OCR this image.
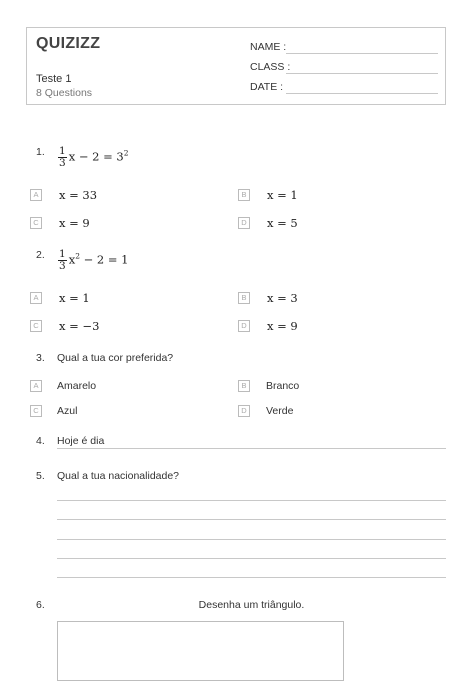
QUIZIZZ
Teste 1
8 Questions
NAME :
CLASS :
DATE :
1. $\frac{1}{3}$ $x - 2 = 3^2$
A	x = 33	B	x = 1
C x = 9	D x = 5
2. $\frac{1}{3} x^2 - 2 = 1$
A	x = 1	B	x = 3
C x = −3	D x = 9
3. Qual a tua cor preferida?
A	Amarelo	B	Branco
C	Azul	D	Verde
4. Hoje é dia
5. Qual a tua nacionalidade?
6.	Desenha um triângulo.
